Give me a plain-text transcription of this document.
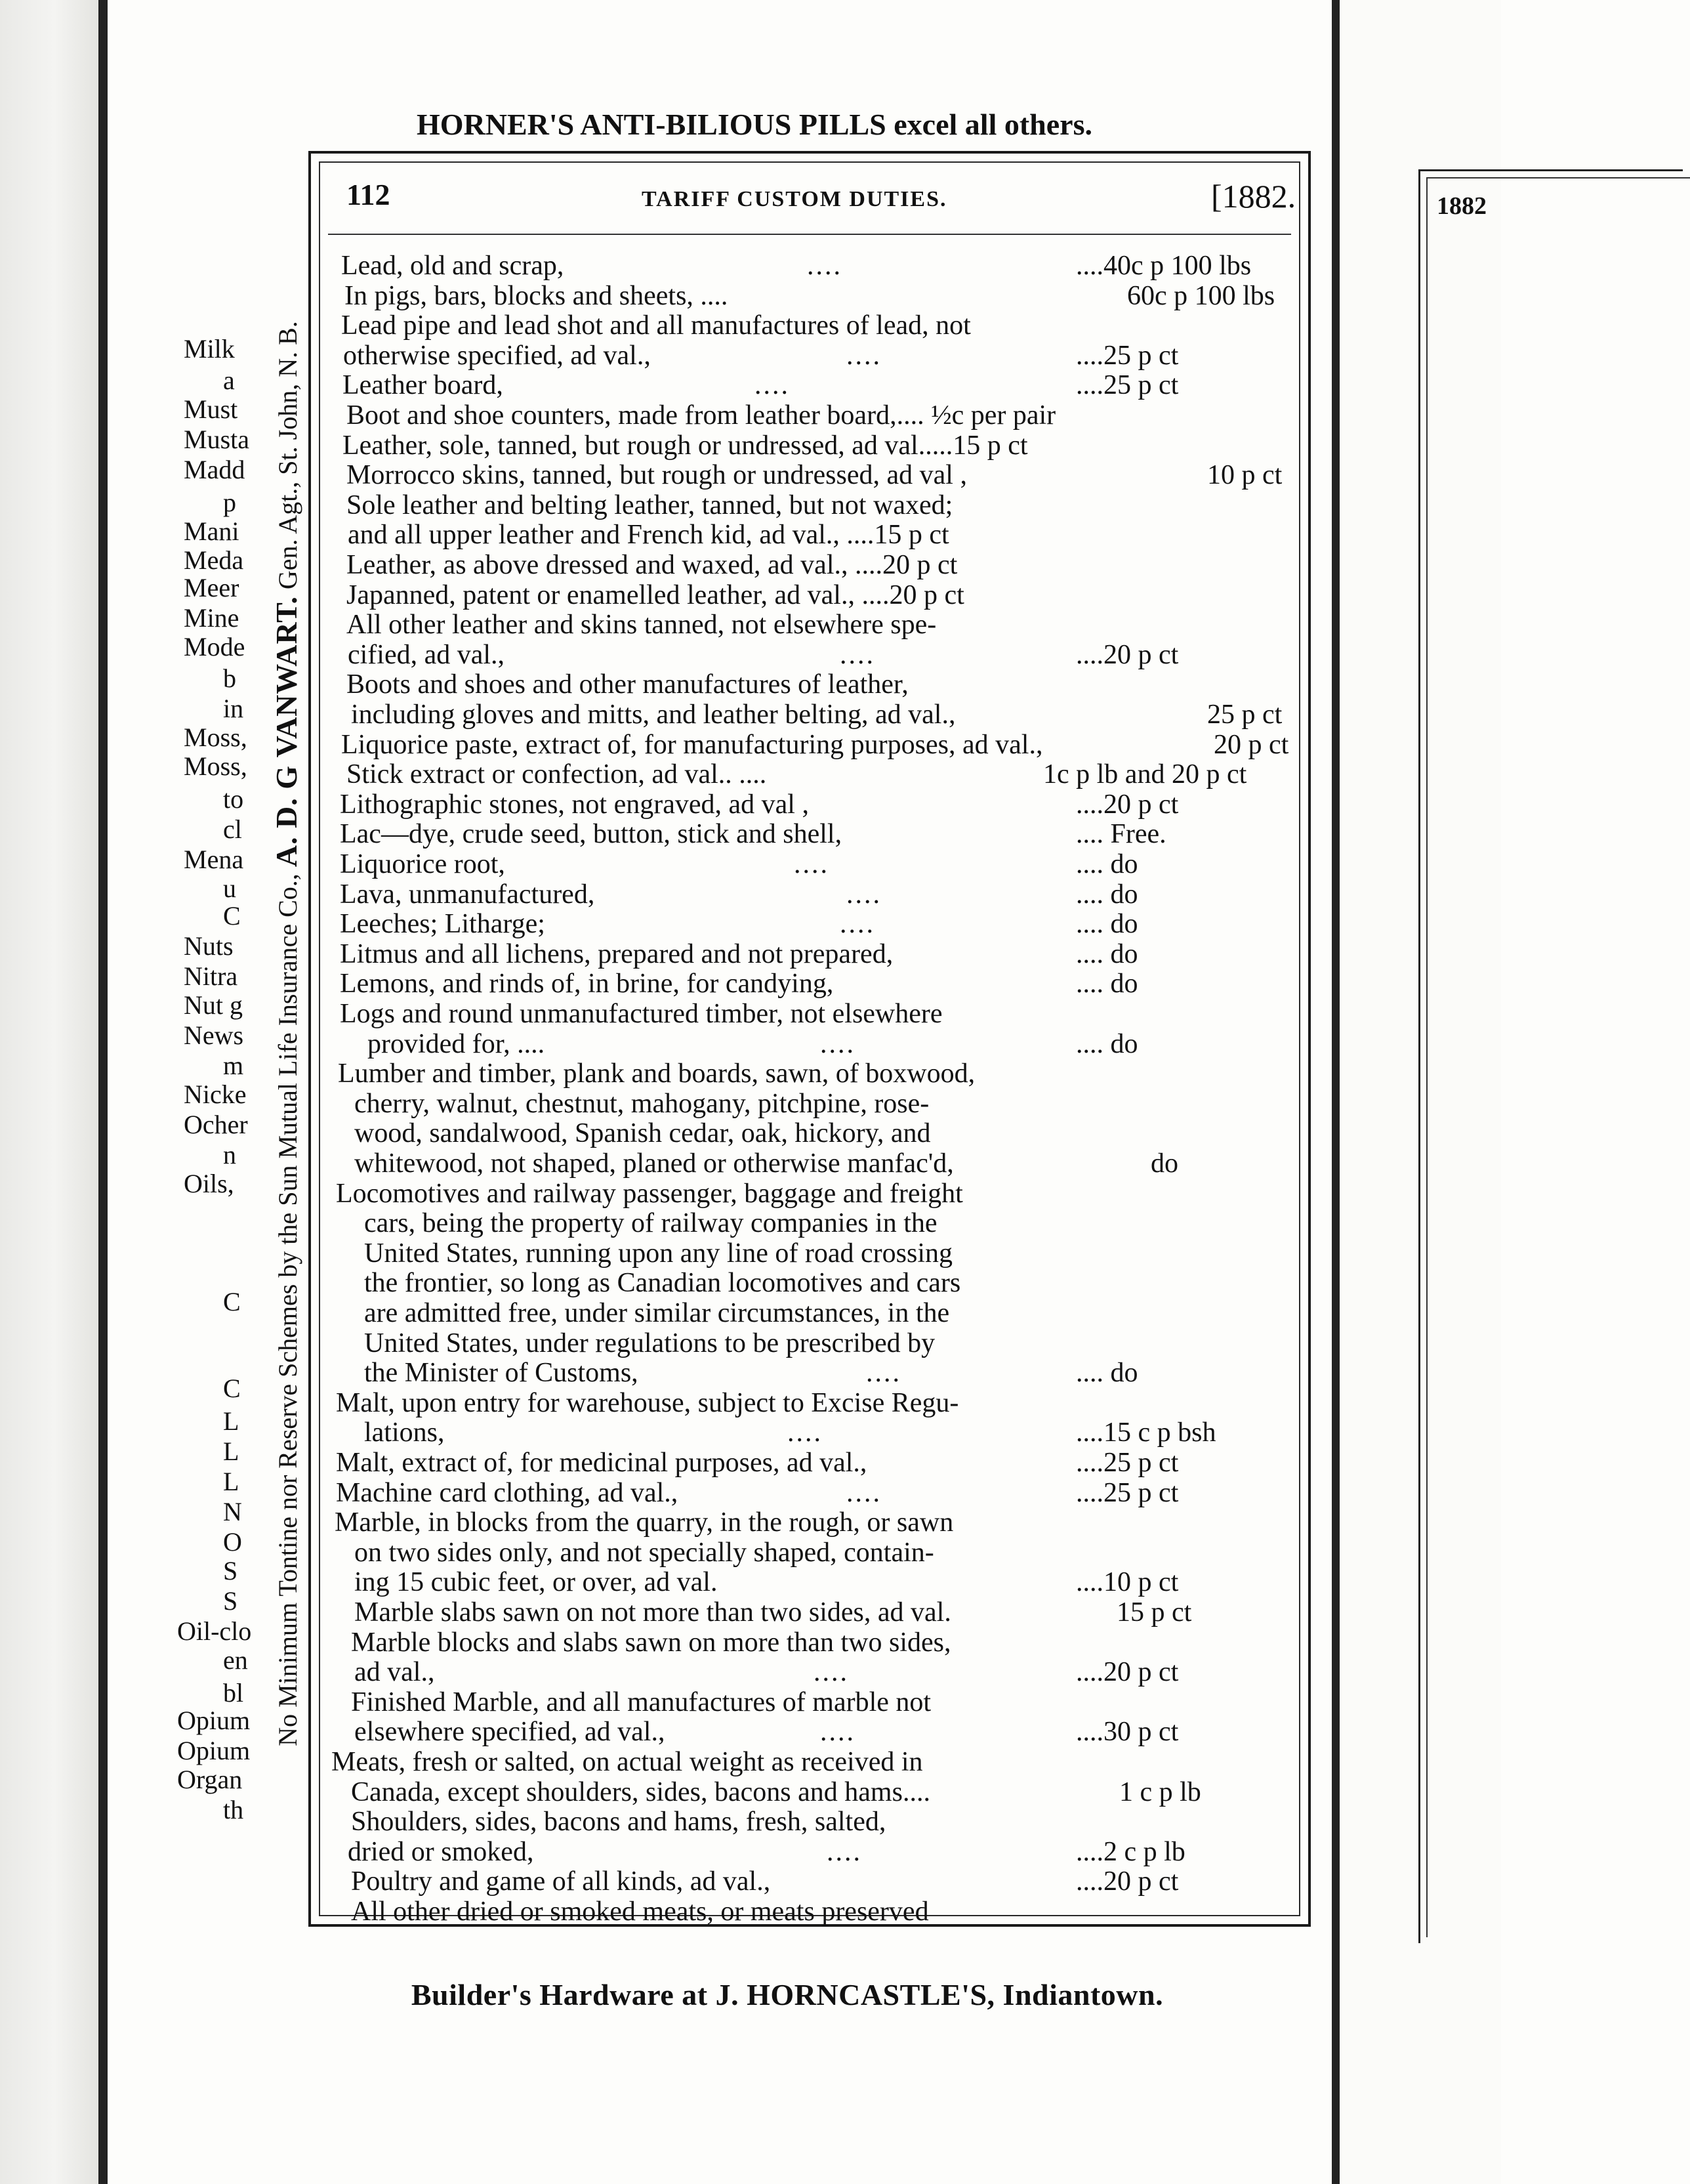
1882
Milk
a
Must
Musta
Madd
p
Mani
Meda
Meer
Mine
Mode
b
in
Moss,
Moss,
to
cl
Mena
u
C
Nuts
Nitra
Nut g
News
m
Nicke
Ocher
n
Oils,
C
C
L
L
L
N
O
S
S
Oil-clo
en
bl
Opium
Opium
Organ
th
HORNER'S ANTI-BILIOUS PILLS excel all others.
No Minimum Tontine nor Reserve Schemes by the Sun Mutual Life Insurance Co., A. D. G VANWART. Gen. Agt., St. John, N. B.
112	TARIFF CUSTOM DUTIES.	[1882.
Lead, old and scrap,	....	....40c p 100 lbs
In pigs, bars, blocks and sheets, ....	60c p 100 lbs
Lead pipe and lead shot and all manufactures of lead, not
otherwise specified, ad val.,	....	....25 p ct
Leather board,	....	....25 p ct
Boot and shoe counters, made from leather board,.... ½c per pair
Leather, sole, tanned, but rough or undressed, ad val.....15 p ct
Morrocco skins, tanned, but rough or undressed, ad val ,	10 p ct
Sole leather and belting leather, tanned, but not waxed;
and all upper leather and French kid, ad val., ....15 p ct
Leather, as above dressed and waxed, ad val., ....20 p ct
Japanned, patent or enamelled leather, ad val., ....20 p ct
All other leather and skins tanned, not elsewhere spe-
cified, ad val.,	....	....20 p ct
Boots and shoes and other manufactures of leather,
including gloves and mitts, and leather belting, ad val.,	25 p ct
Liquorice paste, extract of, for manufacturing purposes, ad val.,	20 p ct
Stick extract or confection, ad val.. ....	1c p lb and 20 p ct
Lithographic stones, not engraved, ad val ,	....20 p ct
Lac—dye, crude seed, button, stick and shell,	.... Free.
Liquorice root,	....	.... do
Lava, unmanufactured,	....	.... do
Leeches; Litharge;	....	.... do
Litmus and all lichens, prepared and not prepared,	.... do
Lemons, and rinds of, in brine, for candying,	.... do
Logs and round unmanufactured timber, not elsewhere
provided for, ....	....	.... do
Lumber and timber, plank and boards, sawn, of boxwood,
cherry, walnut, chestnut, mahogany, pitchpine, rose-
wood, sandalwood, Spanish cedar, oak, hickory, and
whitewood, not shaped, planed or otherwise manfac'd,	do
Locomotives and railway passenger, baggage and freight
cars, being the property of railway companies in the
United States, running upon any line of road crossing
the frontier, so long as Canadian locomotives and cars
are admitted free, under similar circumstances, in the
United States, under regulations to be prescribed by
the Minister of Customs,	....	.... do
Malt, upon entry for warehouse, subject to Excise Regu-
lations,	....	....15 c p bsh
Malt, extract of, for medicinal purposes, ad val.,	....25 p ct
Machine card clothing, ad val.,	....	....25 p ct
Marble, in blocks from the quarry, in the rough, or sawn
on two sides only, and not specially shaped, contain-
ing 15 cubic feet, or over, ad val.	....10 p ct
Marble slabs sawn on not more than two sides, ad val.	15 p ct
Marble blocks and slabs sawn on more than two sides,
ad val.,	....	....20 p ct
Finished Marble, and all manufactures of marble not
elsewhere specified, ad val.,	....	....30 p ct
Meats, fresh or salted, on actual weight as received in
Canada, except shoulders, sides, bacons and hams....	1 c p lb
Shoulders, sides, bacons and hams, fresh, salted,
dried or smoked,	....	....2 c p lb
Poultry and game of all kinds, ad val.,	....20 p ct
All other dried or smoked meats, or meats preserved
Builder's Hardware at J. HORNCASTLE'S, Indiantown.
